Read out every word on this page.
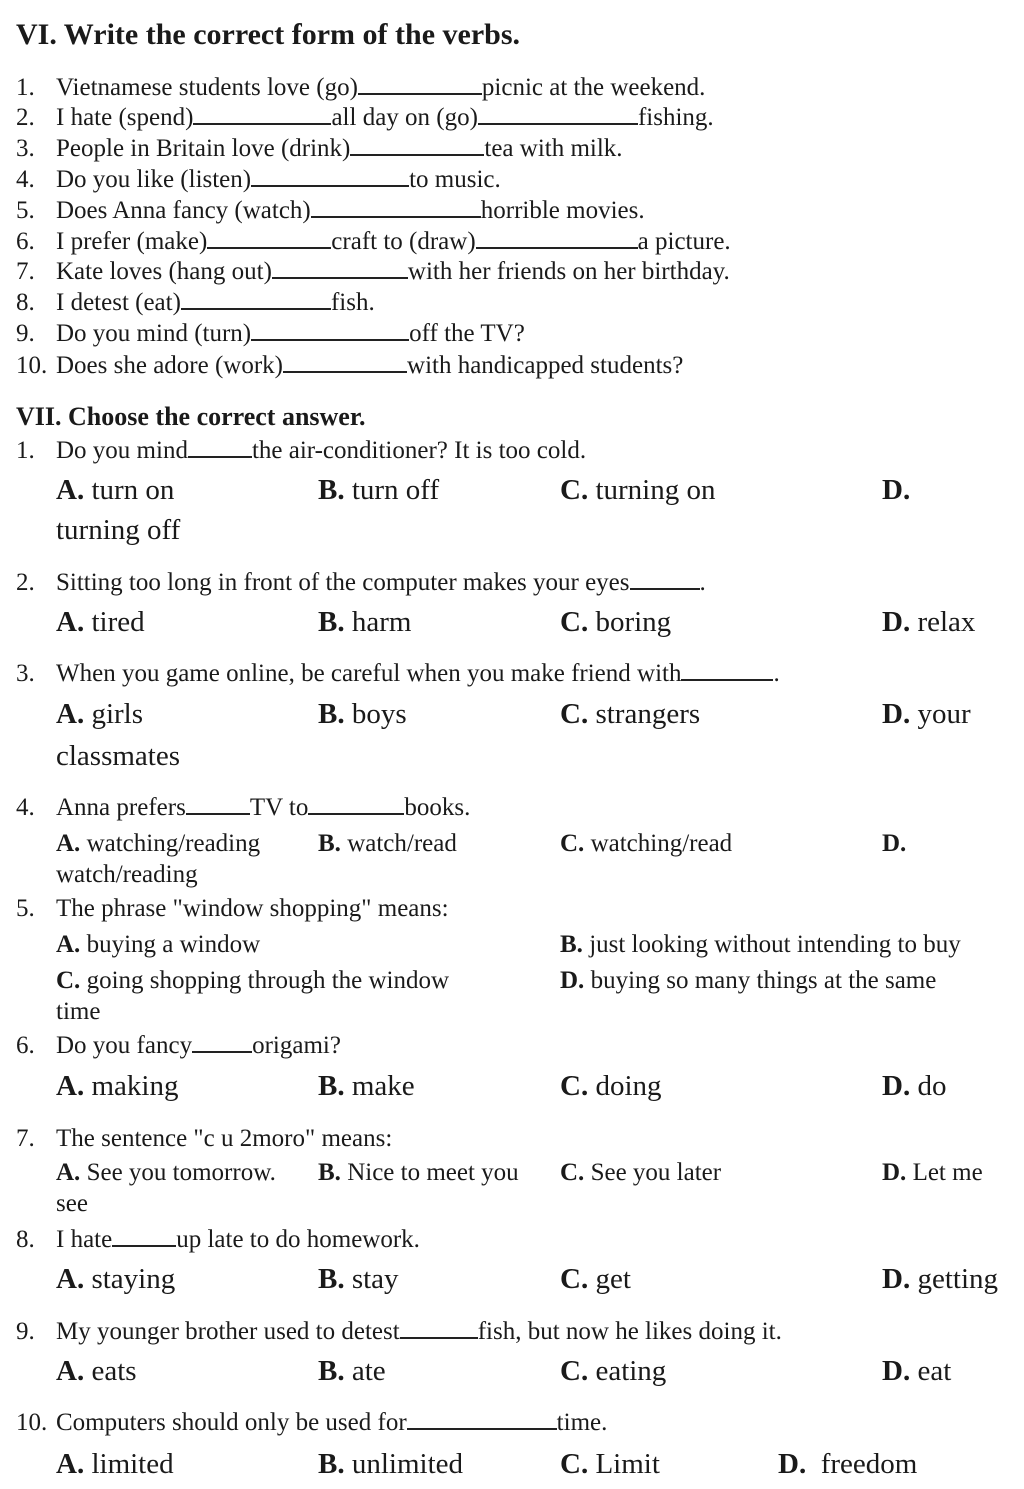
VI. Write the correct form of the verbs.
1. Vietnamese students love (go)	picnic at the weekend.
2. I hate (spend)	all day on (go)	fishing.
3. People in Britain love (drink)	tea with milk.
4. Do you like (listen)	to music.
5. Does Anna fancy (watch)	horrible movies.
6. I prefer (make)	craft to (draw)	a picture.
7. Kate loves (hang out)	with her friends on her birthday.
8. I detest (eat)	fish.
9. Do you mind (turn)	off the TV?
10. Does she adore (work)	with handicapped students?
VII. Choose the correct answer.
1. Do you mind	the air-conditioner? It is too cold.
A. turn on	B. turn off	C. turning on	D.
turning off
2. Sitting too long in front of the computer makes your eyes	.
A. tired	B. harm	C. boring	D. relax
3. When you game online, be careful when you make friend with	.
A. girls	B. boys	C. strangers	D. your
classmates
4. Anna prefers	TV to	books.
A. watching/reading B. watch/read	C. watching/read	D.
watch/reading
5. The phrase "window shopping" means:
A. buying a window	B. just looking without intending to buy
C. going shopping through the window	D. buying so many things at the same
time
6. Do you fancy origami?
A. making	B. make	C. doing	D. do
7. The sentence "c u 2moro" means:
A. See you tomorrow. B. Nice to meet you C. See you later	D. Let me
see
8. I hate	up late to do homework.
A. staying	B. stay	C. get	D. getting
9. My younger brother used to detest	fish, but now he likes doing it.
A. eats	B. ate	C. eating	D. eat
10. Computers should only be used for	time.
A. limited	B. unlimited	C. Limit	D. freedom
